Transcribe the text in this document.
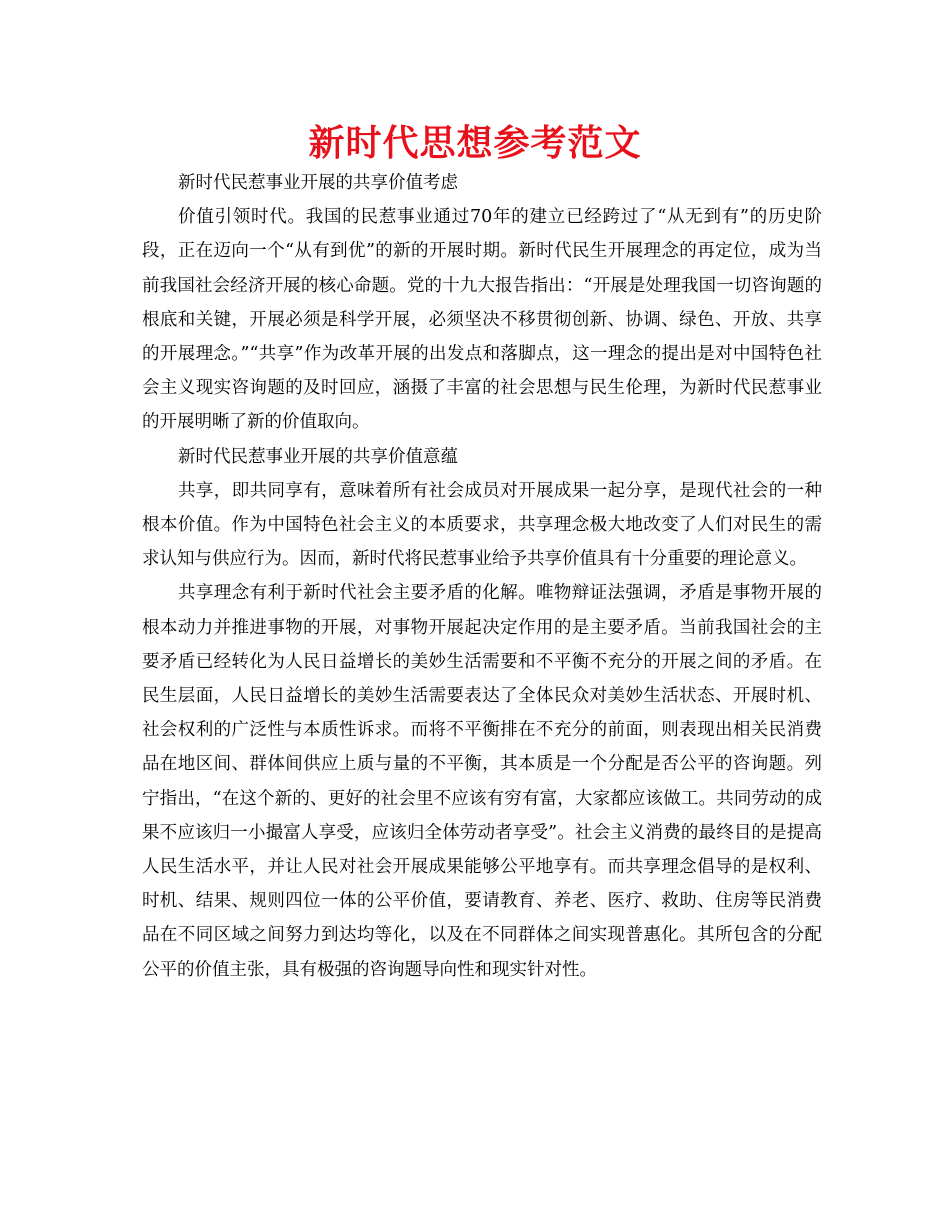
新时代思想参考范文

新时代民惹事业开展的共享价值考虑

价值引领时代。我国的民惹事业通过70年的建立已经跨过了“从无到有”的历史阶段，正在迈向一个“从有到优”的新的开展时期。新时代民生开展理念的再定位，成为当前我国社会经济开展的核心命题。党的十九大报告指出：“开展是处理我国一切咨询题的根底和关键，开展必须是科学开展，必须坚决不移贯彻创新、协调、绿色、开放、共享的开展理念。”“共享”作为改革开展的出发点和落脚点，这一理念的提出是对中国特色社会主义现实咨询题的及时回应，涵摄了丰富的社会思想与民生伦理，为新时代民惹事业的开展明晰了新的价值取向。

新时代民惹事业开展的共享价值意蕴

共享，即共同享有，意味着所有社会成员对开展成果一起分享，是现代社会的一种根本价值。作为中国特色社会主义的本质要求，共享理念极大地改变了人们对民生的需求认知与供应行为。因而，新时代将民惹事业给予共享价值具有十分重要的理论意义。

共享理念有利于新时代社会主要矛盾的化解。唯物辩证法强调，矛盾是事物开展的根本动力并推进事物的开展，对事物开展起决定作用的是主要矛盾。当前我国社会的主要矛盾已经转化为人民日益增长的美妙生活需要和不平衡不充分的开展之间的矛盾。在民生层面，人民日益增长的美妙生活需要表达了全体民众对美妙生活状态、开展时机、社会权利的广泛性与本质性诉求。而将不平衡排在不充分的前面，则表现出相关民消费品在地区间、群体间供应上质与量的不平衡，其本质是一个分配是否公平的咨询题。列宁指出，“在这个新的、更好的社会里不应该有穷有富，大家都应该做工。共同劳动的成果不应该归一小撮富人享受，应该归全体劳动者享受”。社会主义消费的最终目的是提高人民生活水平，并让人民对社会开展成果能够公平地享有。而共享理念倡导的是权利、时机、结果、规则四位一体的公平价值，要请教育、养老、医疗、救助、住房等民消费品在不同区域之间努力到达均等化，以及在不同群体之间实现普惠化。其所包含的分配公平的价值主张，具有极强的咨询题导向性和现实针对性。
